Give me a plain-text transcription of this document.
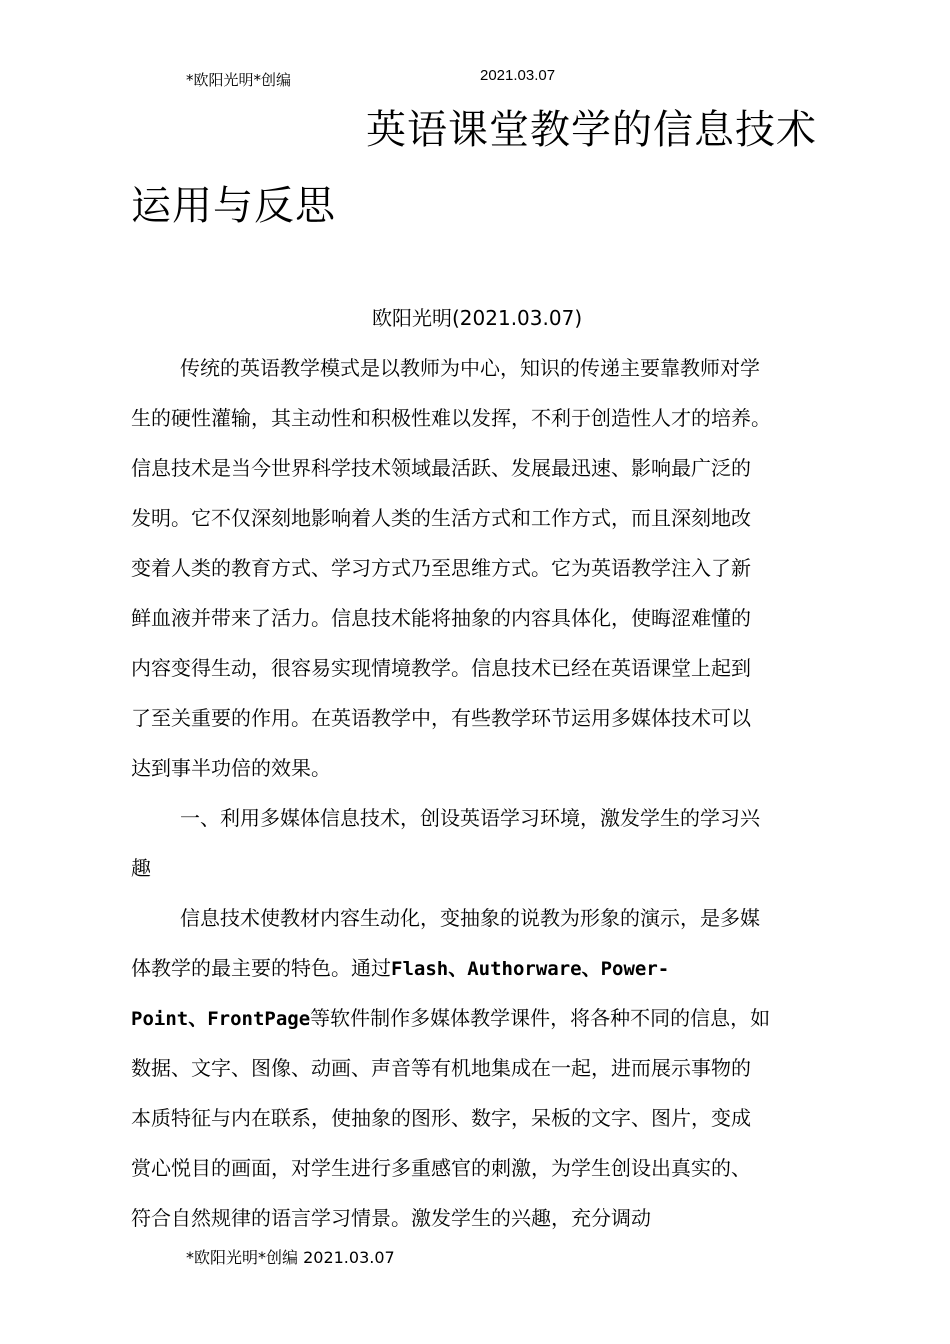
*欧阳光明*创编	2021.03.07
英语课堂教学的信息技术
运用与反思
欧阳光明(2021.03.07)
传统的英语教学模式是以教师为中心，知识的传递主要靠教师对学
生的硬性灌输，其主动性和积极性难以发挥，不利于创造性人才的培养。
信息技术是当今世界科学技术领域最活跃、发展最迅速、影响最广泛的
发明。它不仅深刻地影响着人类的生活方式和工作方式，而且深刻地改
变着人类的教育方式、学习方式乃至思维方式。它为英语教学注入了新
鲜血液并带来了活力。信息技术能将抽象的内容具体化，使晦涩难懂的
内容变得生动，很容易实现情境教学。信息技术已经在英语课堂上起到
了至关重要的作用。在英语教学中，有些教学环节运用多媒体技术可以
达到事半功倍的效果。
一、利用多媒体信息技术，创设英语学习环境，激发学生的学习兴
趣
信息技术使教材内容生动化，变抽象的说教为形象的演示，是多媒
体教学的最主要的特色。通过Flash、Authorware、Power-
Point、FrontPage等软件制作多媒体教学课件，将各种不同的信息，如
数据、文字、图像、动画、声音等有机地集成在一起，进而展示事物的
本质特征与内在联系，使抽象的图形、数字，呆板的文字、图片，变成
赏心悦目的画面，对学生进行多重感官的刺激，为学生创设出真实的、
符合自然规律的语言学习情景。激发学生的兴趣，充分调动
*欧阳光明*创编 2021.03.07
